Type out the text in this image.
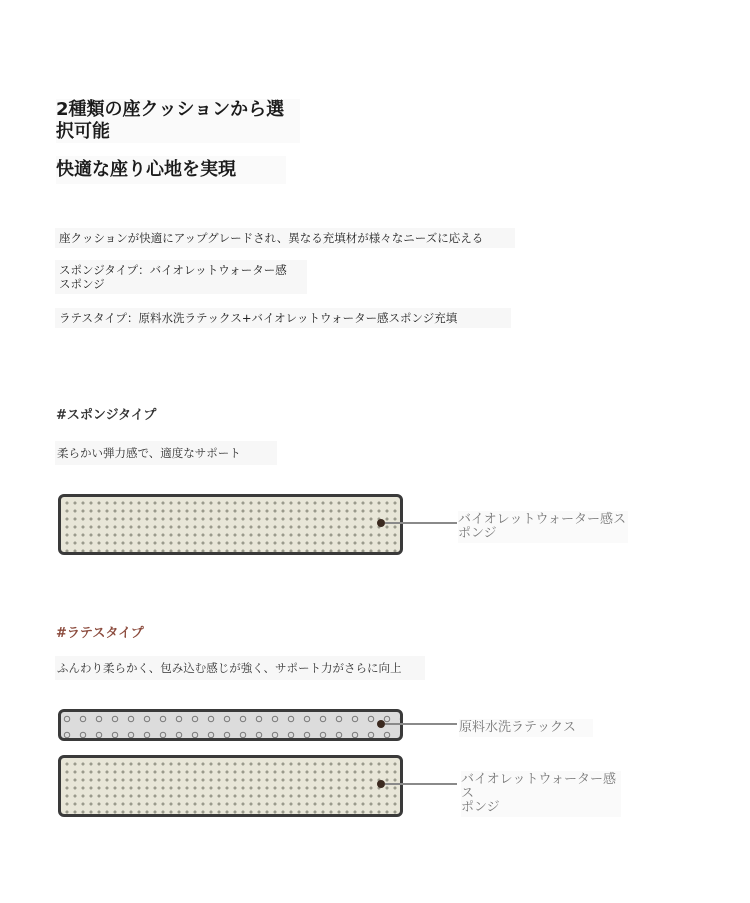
2種類の座クッションから選
択可能
快適な座り心地を実現
座クッションが快適にアップグレードされ、異なる充填材が様々なニーズに応える
スポンジタイプ：バイオレットウォーター感
スポンジ
ラテスタイプ：原料水洗ラテックス+バイオレットウォーター感スポンジ充填
#スポンジタイプ
柔らかい弾力感で、適度なサポート
バイオレットウォーター感ス
ポンジ
#ラテスタイプ
ふんわり柔らかく、包み込む感じが強く、サポート力がさらに向上
原料水洗ラテックス
バイオレットウォーター感ス
ポンジ
